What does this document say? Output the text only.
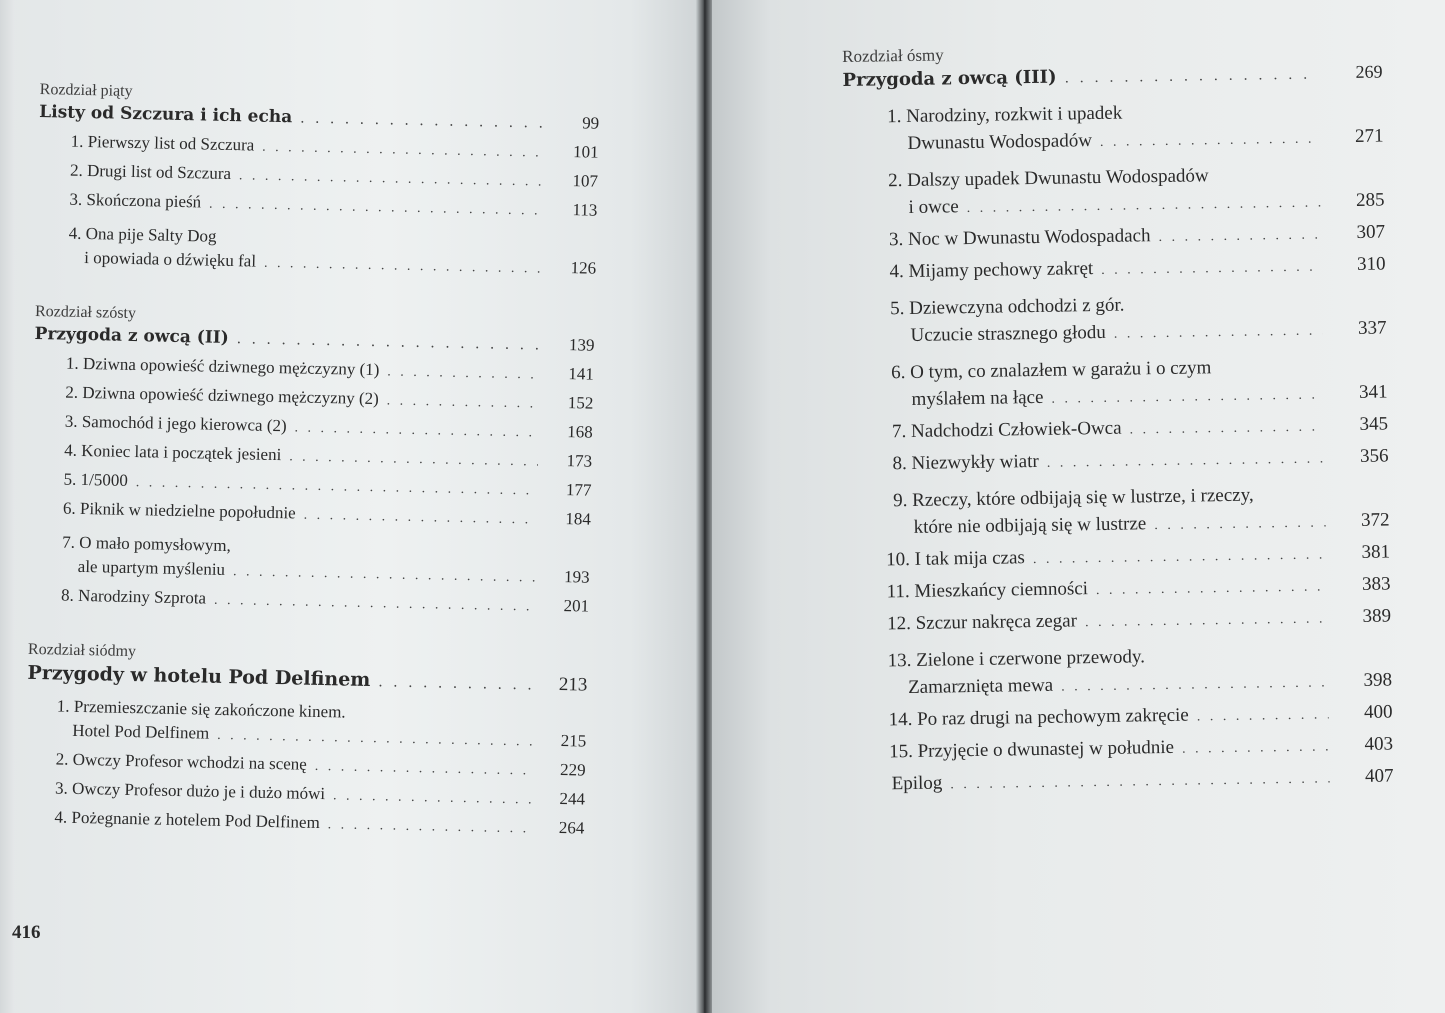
Rozdział piąty
Listy od Szczura i ich echa . . .	99
1. Pierwszy list od Szczura . . .	101
2. Drugi list od Szczura . . .	107
3. Skończona pieśń . . .	113
4. Ona pije Salty Dog
i opowiada o dźwięku fal . . .	126
Rozdział szósty
Przygoda z owcą (II) . . .	139
1. Dziwna opowieść dziwnego mężczyzny (1) . . .	141
2. Dziwna opowieść dziwnego mężczyzny (2) . . .	152
3. Samochód i jego kierowca (2) . . .	168
4. Koniec lata i początek jesieni . . .	173
5. 1/5000 . . .	177
6. Piknik w niedzielne popołudnie . . .	184
7. O mało pomysłowym,
ale upartym myśleniu . . .	193
8. Narodziny Szprota . . .	201
Rozdział siódmy
Przygody w hotelu Pod Delfinem . . .	213
1. Przemieszczanie się zakończone kinem.
Hotel Pod Delfinem . . .	215
2. Owczy Profesor wchodzi na scenę . . .	229
3. Owczy Profesor dużo je i dużo mówi . . .	244
4. Pożegnanie z hotelem Pod Delfinem . . .	264
416
Rozdział ósmy
Przygoda z owcą (III) . . .	269
1. Narodziny, rozkwit i upadek
Dwunastu Wodospadów . . .	271
2. Dalszy upadek Dwunastu Wodospadów
i owce . . .	285
3. Noc w Dwunastu Wodospadach . . .	307
4. Mijamy pechowy zakręt . . .	310
5. Dziewczyna odchodzi z gór.
Uczucie strasznego głodu . . .	337
6. O tym, co znalazłem w garażu i o czym
myślałem na łące . . .	341
7. Nadchodzi Człowiek-Owca . . .	345
8. Niezwykły wiatr . . .	356
9. Rzeczy, które odbijają się w lustrze, i rzeczy,
które nie odbijają się w lustrze . . .	372
10. I tak mija czas . . .	381
11. Mieszkańcy ciemności . . .	383
12. Szczur nakręca zegar . . .	389
13. Zielone i czerwone przewody.
Zamarznięta mewa . . .	398
14. Po raz drugi na pechowym zakręcie . . .	400
15. Przyjęcie o dwunastej w południe . . .	403
Epilog . . .	407
